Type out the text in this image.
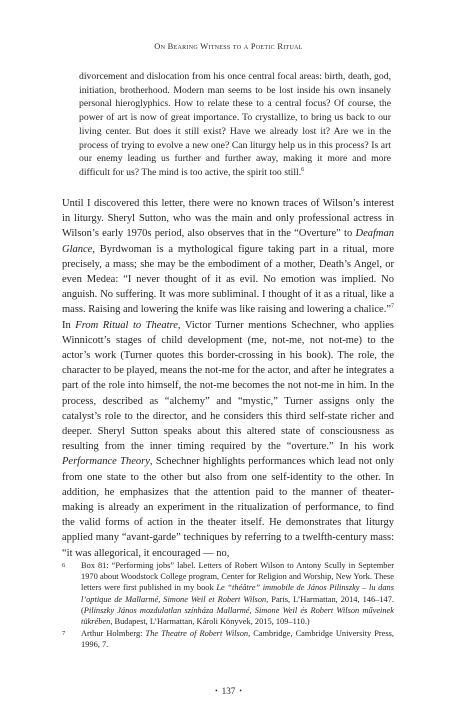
On Bearing Witness to a Poetic Ritual

divorcement and dislocation from his once central focal areas: birth, death, god, initiation, brotherhood. Modern man seems to be lost inside his own insanely personal hieroglyphics. How to relate these to a central focus? Of course, the power of art is now of great importance. To crystallize, to bring us back to our living center. But does it still exist? Have we already lost it? Are we in the process of trying to evolve a new one? Can liturgy help us in this process? Is art our enemy leading us further and further away, making it more and more difficult for us? The mind is too active, the spirit too still.$^6$

Until I discovered this letter, there were no known traces of Wilson’s interest in liturgy. Sheryl Sutton, who was the main and only professional actress in Wilson’s early 1970s period, also observes that in the “Overture” to Deafman Glance, Byrdwoman is a mythological figure taking part in a ritual, more precisely, a mass; she may be the embodiment of a mother, Death’s Angel, or even Medea: “I never thought of it as evil. No emotion was implied. No anguish. No suffering. It was more subliminal. I thought of it as a ritual, like a mass. Raising and lowering the knife was like raising and lowering a chalice.”$^7$ In From Ritual to Theatre, Victor Turner mentions Schechner, who applies Winnicott’s stages of child development (me, not-me, not not-me) to the actor’s work (Turner quotes this border-crossing in his book). The role, the character to be played, means the not-me for the actor, and after he integrates a part of the role into himself, the not-me becomes the not not-me in him. In the process, described as “alchemy” and “mystic,” Turner assigns only the catalyst’s role to the director, and he considers this third self-state richer and deeper. Sheryl Sutton speaks about this altered state of consciousness as resulting from the inner timing required by the “overture.” In his work Performance Theory, Schechner highlights performances which lead not only from one state to the other but also from one self-identity to the other. In addition, he emphasizes that the attention paid to the manner of theater-making is already an experiment in the ritualization of performance, to find the valid forms of action in the theater itself. He demonstrates that liturgy applied many “avant-garde” techniques by referring to a twelfth-century mass: “it was allegorical, it encouraged — no,

6 Box 81: “Performing jobs” label. Letters of Robert Wilson to Antony Scully in September 1970 about Woodstock College program, Center for Religion and Worship, New York. These letters were first published in my book Le “théâtre” immobile de János Pilinszky – lu dans l’optique de Mallarmé, Simone Weil et Robert Wilson, Paris, L’Harmattan, 2014, 146–147. (Pilinszky János mozdulatlan színháza Mallarmé, Simone Weil és Robert Wilson műveinek tükrében, Budapest, L’Harmattan, Károli Könyvek, 2015, 109–110.)
7 Arthur Holmberg: The Theatre of Robert Wilson, Cambridge, Cambridge University Press, 1996, 7.
• 137 •
